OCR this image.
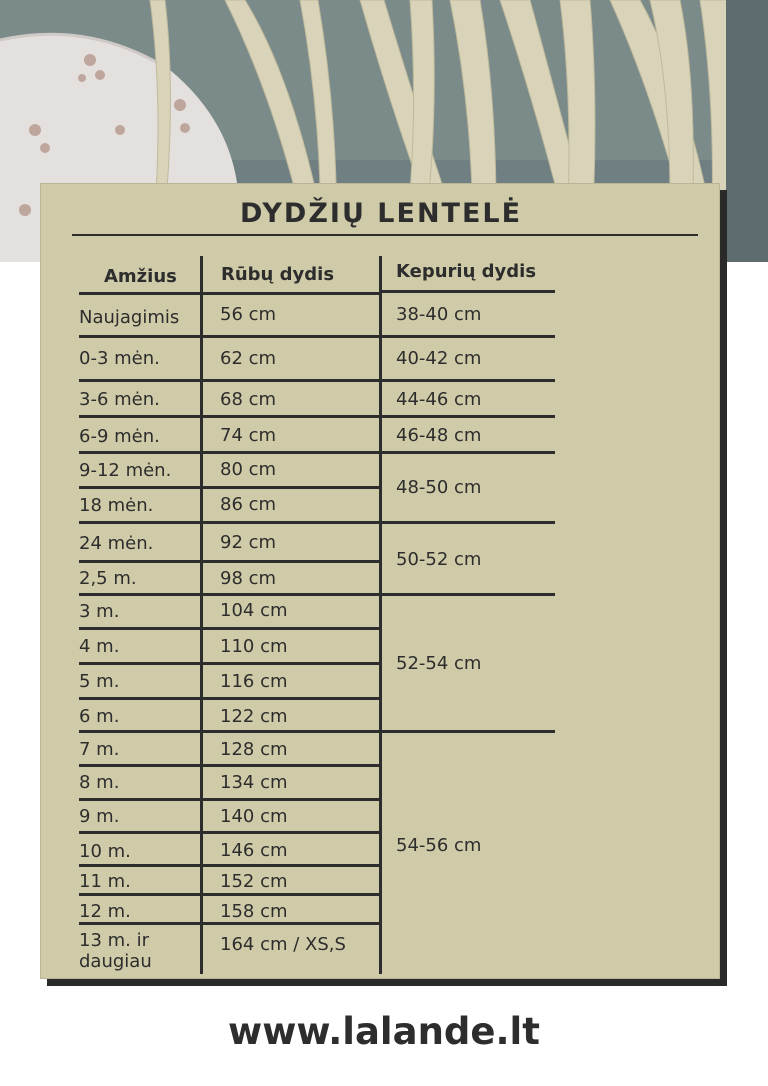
DYDŽIŲ LENTELĖ
Amžius Rūbų dydis	Kepurių dydis
Naujagimis
0-3 mėn.
3-6 mėn.
6-9 mėn.
9-12 mėn.
18 mėn.
24 mėn.
2,5 m.
3 m.
4 m.
5 m.
6 m.
7 m.
8 m.
9 m.
10 m.
11 m.
12 m.
13 m. ir
daugiau
56 cm
62 cm
68 cm
74 cm
80 cm
86 cm
92 cm
98 cm
104 cm
110 cm
116 cm
122 cm
128 cm
134 cm
140 cm
146 cm
152 cm
158 cm
164 cm / XS,S
38-40 cm
40-42 cm
44-46 cm
46-48 cm
48-50 cm
50-52 cm
52-54 cm
54-56 cm
www.lalande.lt
